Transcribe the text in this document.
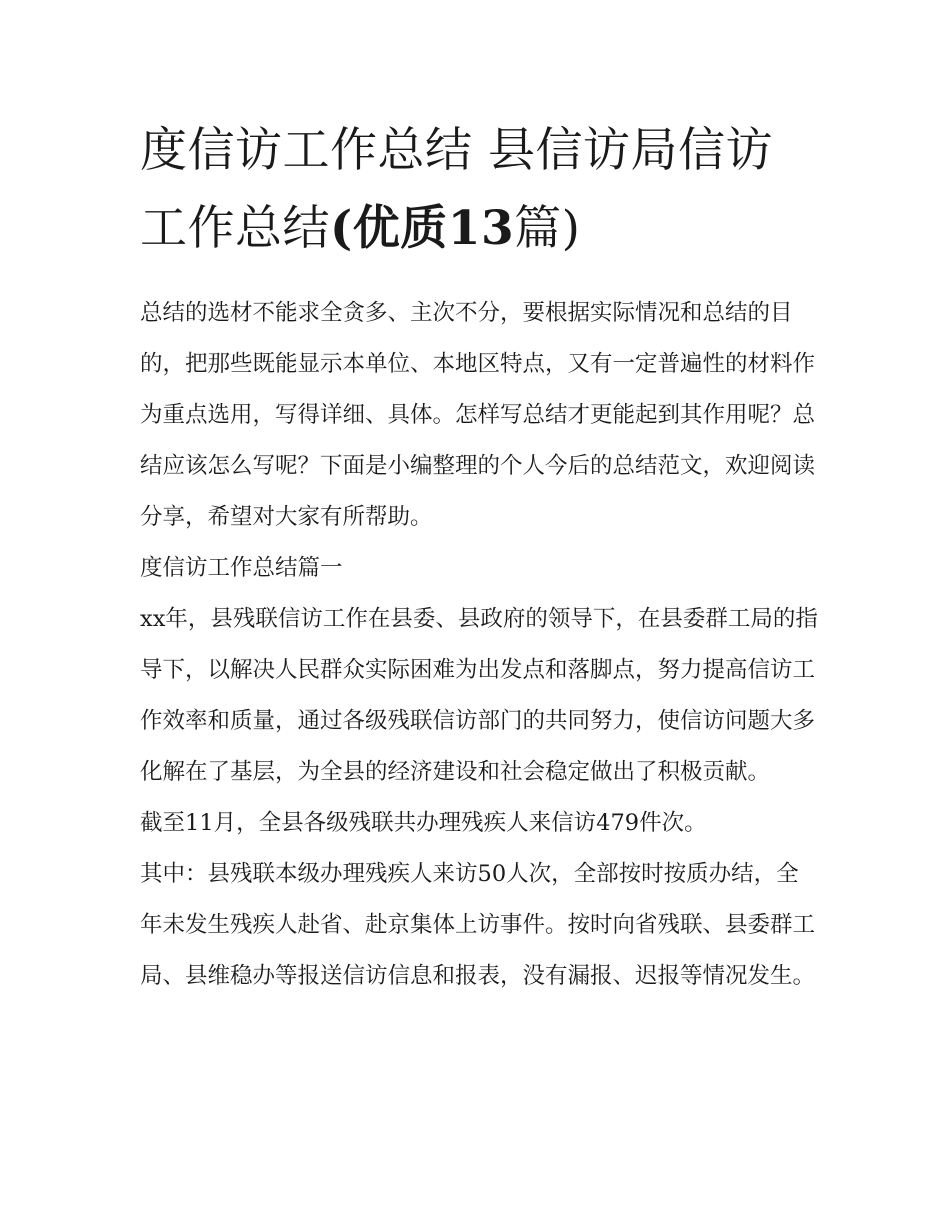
度信访工作总结 县信访局信访
工作总结(优质13篇)

总结的选材不能求全贪多、主次不分，要根据实际情况和总结的目的，把那些既能显示本单位、本地区特点，又有一定普遍性的材料作为重点选用，写得详细、具体。怎样写总结才更能起到其作用呢？总结应该怎么写呢？下面是小编整理的个人今后的总结范文，欢迎阅读分享，希望对大家有所帮助。

度信访工作总结篇一

xx年，县残联信访工作在县委、县政府的领导下，在县委群工局的指导下，以解决人民群众实际困难为出发点和落脚点，努力提高信访工作效率和质量，通过各级残联信访部门的共同努力，使信访问题大多化解在了基层，为全县的经济建设和社会稳定做出了积极贡献。

截至11月，全县各级残联共办理残疾人来信访479件次。

其中：县残联本级办理残疾人来访50人次，全部按时按质办结，全年未发生残疾人赴省、赴京集体上访事件。按时向省残联、县委群工局、县维稳办等报送信访信息和报表，没有漏报、迟报等情况发生。
